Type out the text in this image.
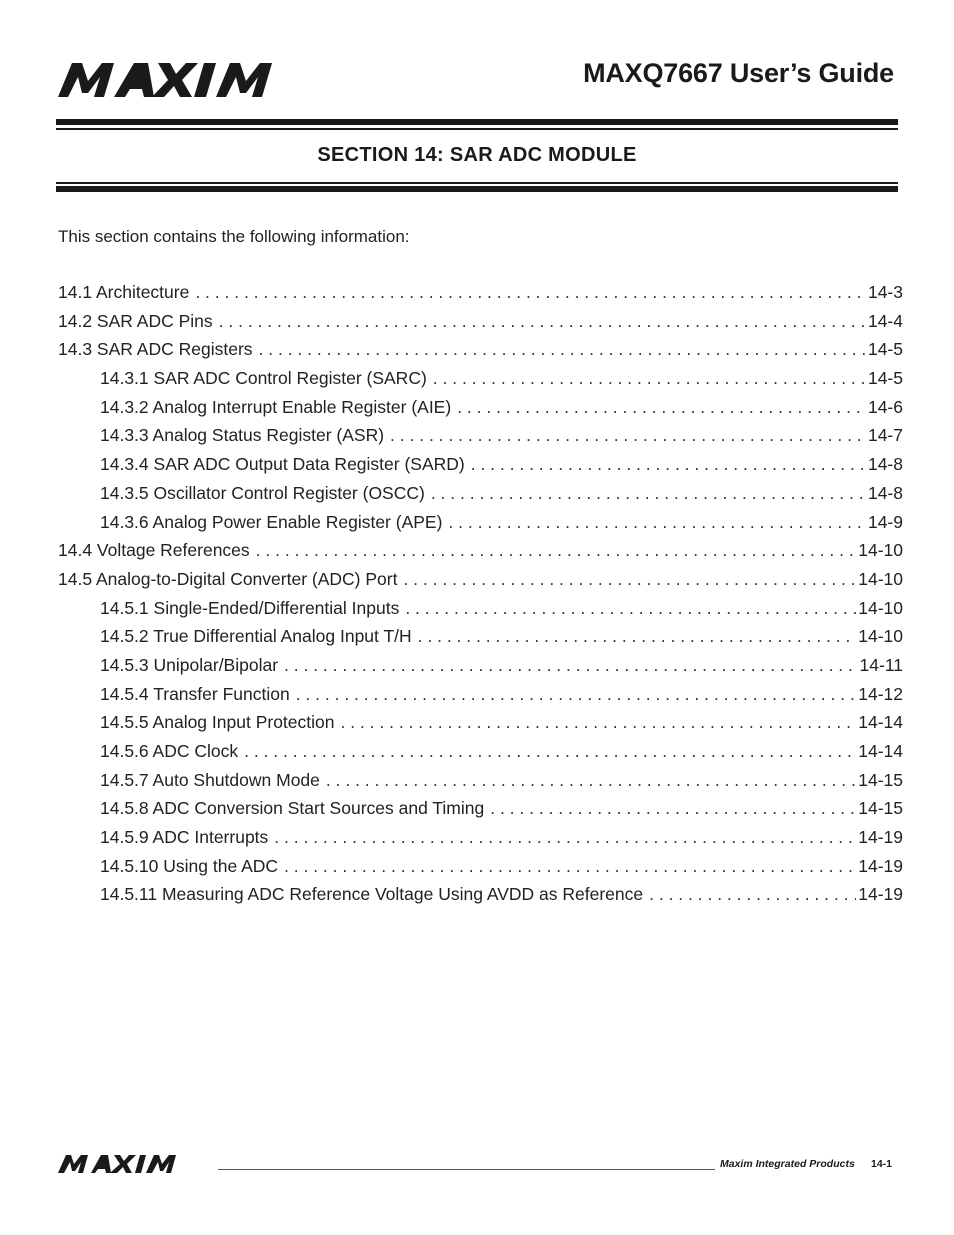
MAXQ7667 User’s Guide
SECTION 14: SAR ADC MODULE
This section contains the following information:
14.1 Architecture . . .	14-3
14.2 SAR ADC Pins . . .	14-4
14.3 SAR ADC Registers . . .	14-5
14.3.1 SAR ADC Control Register (SARC) . . .	14-5
14.3.2 Analog Interrupt Enable Register (AIE) . . .	14-6
14.3.3 Analog Status Register (ASR) . . .	14-7
14.3.4 SAR ADC Output Data Register (SARD) . . .	14-8
14.3.5 Oscillator Control Register (OSCC) . . .	14-8
14.3.6 Analog Power Enable Register (APE) . . .	14-9
14.4 Voltage References . . .	14-10
14.5 Analog-to-Digital Converter (ADC) Port . . .	14-10
14.5.1 Single-Ended/Differential Inputs . . .	14-10
14.5.2 True Differential Analog Input T/H . . .	14-10
14.5.3 Unipolar/Bipolar . . .	14-11
14.5.4 Transfer Function . . .	14-12
14.5.5 Analog Input Protection . . .	14-14
14.5.6 ADC Clock . . .	14-14
14.5.7 Auto Shutdown Mode . . .	14-15
14.5.8 ADC Conversion Start Sources and Timing . . .	14-15
14.5.9 ADC Interrupts . . .	14-19
14.5.10 Using the ADC . . .	14-19
14.5.11 Measuring ADC Reference Voltage Using AVDD as Reference . . .	14-19
Maxim Integrated Products 14-1
